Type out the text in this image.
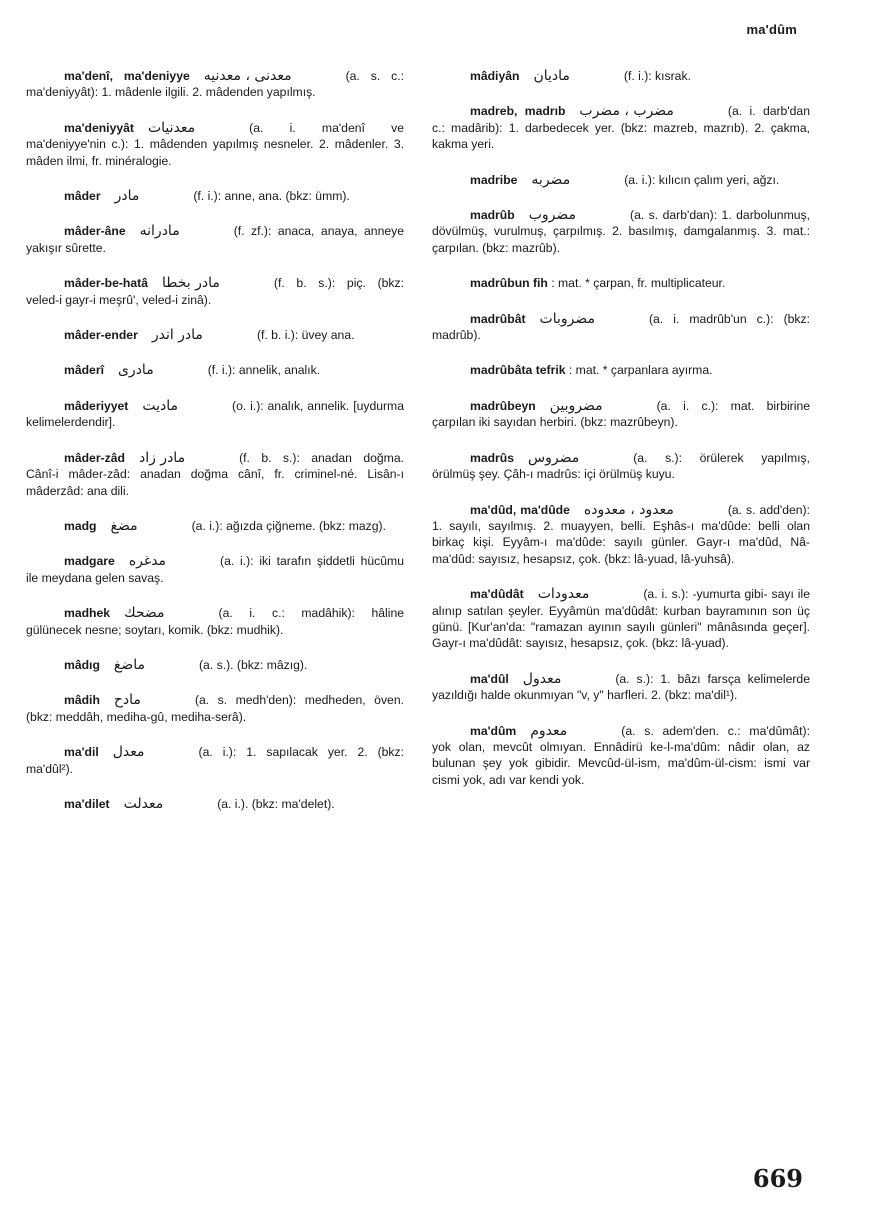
ma'dûm
ma'denî, ma'deniyye معدنى ، معدنيه	(a. s. c.: ma'deniyyât): 1. mâdenle ilgili. 2. mâdenden yapılmış.
ma'deniyyât معدنيات	(a. i. ma'denî ve ma'deniyye'nin c.): 1. mâdenden yapılmış nesneler. 2. mâdenler. 3. mâden ilmi, fr. minéralogie.
mâder مادر	(f. i.): anne, ana. (bkz: ümm).
mâder-âne مادرانه	(f. zf.): anaca, anaya, anneye yakışır sûrette.
mâder-be-hatâ مادر بخطا	(f. b. s.): piç. (bkz: veled-i gayr-i meşrû', veled-i zinâ).
mâder-ender مادر اندر	(f. b. i.): üvey ana.
mâderî مادرى	(f. i.): annelik, analık.
mâderiyyet ماديت	(o. i.): analık, annelik. [uydurma kelimelerdendir].
mâder-zâd مادر زاد	(f. b. s.): anadan doğma. Cânî-i mâder-zâd: anadan doğma cânî, fr. criminel-né. Lisân-ı mâderzâd: ana dili.
madg مضغ	(a. i.): ağızda çiğneme. (bkz: mazg).
madgare مدغره	(a. i.): iki tarafın şiddetli hücûmu ile meydana gelen savaş.
madhek مضحك	(a. i. c.: madâhik): hâline gülünecek nesne; soytarı, komik. (bkz: mudhik).
mâdıg ماضغ	(a. s.). (bkz: mâzıg).
mâdih مادح	(a. s. medh'den): medheden, öven. (bkz: meddâh, mediha-gû, mediha-serâ).
ma'dil معدل	(a. i.): 1. sapılacak yer. 2. (bkz: ma'dûl²).
ma'dilet معدلت	(a. i.). (bkz: ma'delet).
mâdiyân ماديان	(f. i.): kısrak.
madreb, madrıb مضرب ، مضرب	(a. i. darb'dan c.: madârib): 1. darbedecek yer. (bkz: mazreb, mazrıb). 2. çakma, kakma yeri.
madribe مضربه	(a. i.): kılıcın çalım yeri, ağzı.
madrûb مضروب	(a. s. darb'dan): 1. darbolunmuş, dövülmüş, vurulmuş, çarpılmış. 2. basılmış, damgalanmış. 3. mat.: çarpılan. (bkz: mazrûb).
madrûbun fih : mat. * çarpan, fr. multiplicateur.
madrûbât مضروبات	(a. i. madrûb'un c.): (bkz: madrûb).
madrûbâta tefrik : mat. * çarpanlara ayırma.
madrûbeyn مضروبين	(a. i. c.): mat. birbirine çarpılan iki sayıdan herbiri. (bkz: mazrûbeyn).
madrûs مضروس	(a. s.): örülerek yapılmış, örülmüş şey. Çâh-ı madrûs: içi örülmüş kuyu.
ma'dûd, ma'dûde معدود ، معدوده	(a. s. add'den): 1. sayılı, sayılmış. 2. muayyen, belli. Eşhâs-ı ma'dûde: belli olan birkaç kişi. Eyyâm-ı ma'dûde: sayılı günler. Gayr-ı ma'dûd, Nâ-ma'dûd: sayısız, hesapsız, çok. (bkz: lâ-yuad, lâ-yuhsâ).
ma'dûdât معدودات	(a. i. s.): -yumurta gibi- sayı ile alınıp satılan şeyler. Eyyâmün ma'dûdât: kurban bayramının son üç günü. [Kur'an'da: "ramazan ayının sayılı günleri" mânâsında geçer]. Gayr-ı ma'dûdât: sayısız, hesapsız, çok. (bkz: lâ-yuad).
ma'dûl معدول	(a. s.): 1. bâzı farsça kelimelerde yazıldığı halde okunmıyan "v, y" harfleri. 2. (bkz: ma'dil¹).
ma'dûm معدوم	(a. s. adem'den. c.: ma'dûmât): yok olan, mevcût olmıyan. Ennâdirü ke-l-ma'dûm: nâdir olan, az bulunan şey yok gibidir. Mevcûd-ül-ism, ma'dûm-ül-cism: ismi var cismi yok, adı var kendi yok.
669
